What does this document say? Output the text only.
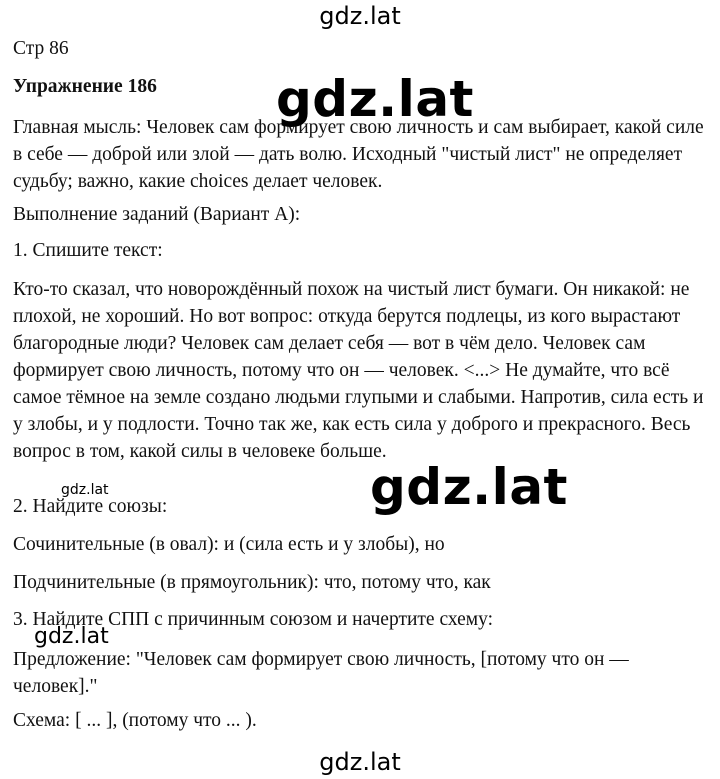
gdz.lat
Стр 86
Упражнение 186
Главная мысль: Человек сам формирует свою личность и сам выбирает, какой силе в себе — доброй или злой — дать волю. Исходный "чистый лист" не определяет судьбу; важно, какие choices делает человек.
Выполнение заданий (Вариант А):
1. Спишите текст:
Кто-то сказал, что новорождённый похож на чистый лист бумаги. Он никакой: не плохой, не хороший. Но вот вопрос: откуда берутся подлецы, из кого вырастают благородные люди? Человек сам делает себя — вот в чём дело. Человек сам формирует свою личность, потому что он — человек. <...> Не думайте, что всё самое тёмное на земле создано людьми глупыми и слабыми. Напротив, сила есть и у злобы, и у подлости. Точно так же, как есть сила у доброго и прекрасного. Весь вопрос в том, какой силы в человеке больше.
2. Найдите союзы:
Сочинительные (в овал): и (сила есть и у злобы), но
Подчинительные (в прямоугольник): что, потому что, как
3. Найдите СПП с причинным союзом и начертите схему:
Предложение: "Человек сам формирует свою личность, [потому что он — человек]."
Схема: [ ... ], (потому что ... ).
gdz.lat
gdz.lat
gdz.lat
gdz.lat
gdz.lat
